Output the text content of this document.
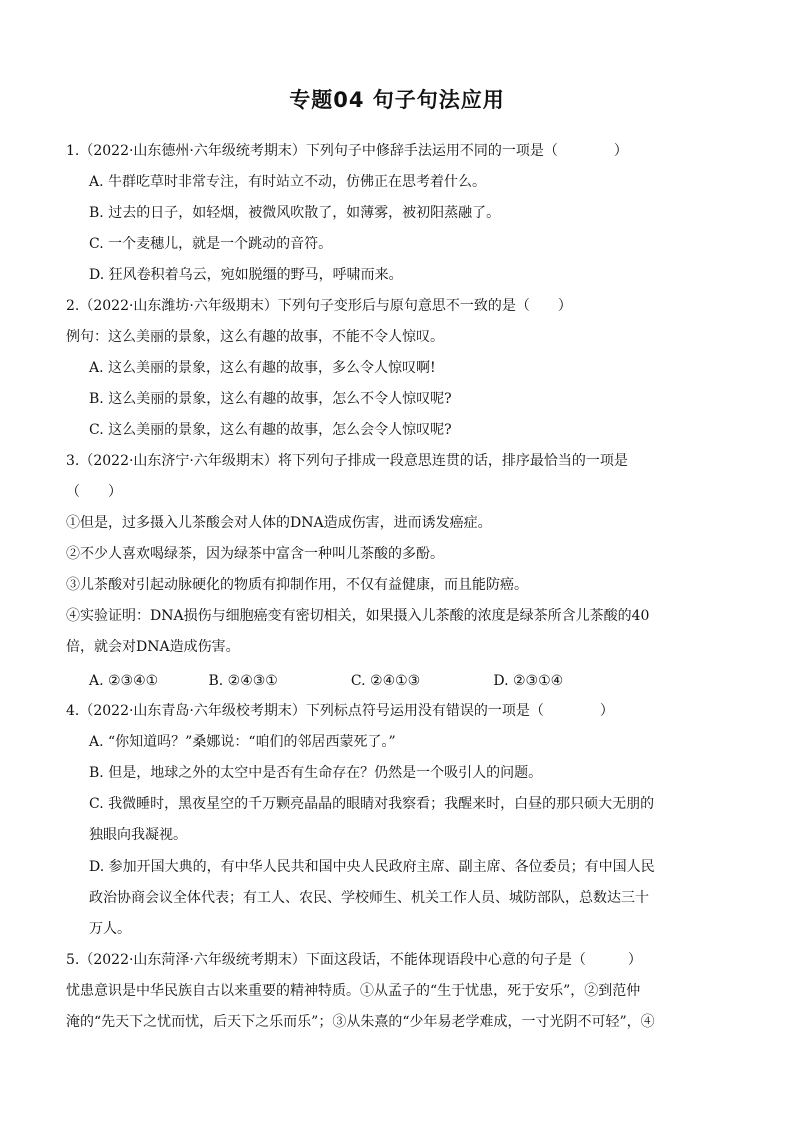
专题04 句子句法应用
1.（2022·山东德州·六年级统考期末）下列句子中修辞手法运用不同的一项是（　　　　）
A. 牛群吃草时非常专注，有时站立不动，仿佛正在思考着什么。
B. 过去的日子，如轻烟，被微风吹散了，如薄雾，被初阳蒸融了。
C. 一个麦穗儿，就是一个跳动的音符。
D. 狂风卷积着乌云，宛如脱缰的野马，呼啸而来。
2.（2022·山东潍坊·六年级期末）下列句子变形后与原句意思不一致的是（　　）
例句：这么美丽的景象，这么有趣的故事，不能不令人惊叹。
A. 这么美丽的景象，这么有趣的故事，多么令人惊叹啊!
B. 这么美丽的景象，这么有趣的故事，怎么不令人惊叹呢?
C. 这么美丽的景象，这么有趣的故事，怎么会令人惊叹呢?
3.（2022·山东济宁·六年级期末）将下列句子排成一段意思连贯的话，排序最恰当的一项是
（　　）
①但是，过多摄入儿茶酸会对人体的DNA造成伤害，进而诱发癌症。
②不少人喜欢喝绿茶，因为绿茶中富含一种叫儿茶酸的多酚。
③儿茶酸对引起动脉硬化的物质有抑制作用，不仅有益健康，而且能防癌。
④实验证明：DNA损伤与细胞癌变有密切相关，如果摄入儿茶酸的浓度是绿茶所含儿茶酸的40
倍，就会对DNA造成伤害。
A. ②③④①	B. ②④③①	C. ②④①③	D. ②③①④
4.（2022·山东青岛·六年级校考期末）下列标点符号运用没有错误的一项是（　　　　）
A. “你知道吗？”桑娜说：“咱们的邻居西蒙死了。”
B. 但是，地球之外的太空中是否有生命存在？仍然是一个吸引人的问题。
C. 我微睡时，黑夜星空的千万颗亮晶晶的眼睛对我察看；我醒来时，白昼的那只硕大无朋的
独眼向我凝视。
D. 参加开国大典的，有中华人民共和国中央人民政府主席、副主席、各位委员；有中国人民
政治协商会议全体代表；有工人、农民、学校师生、机关工作人员、城防部队，总数达三十
万人。
5.（2022·山东菏泽·六年级统考期末）下面这段话，不能体现语段中心意的句子是（　　　）
忧患意识是中华民族自古以来重要的精神特质。①从孟子的“生于忧患，死于安乐”，②到范仲
淹的“先天下之忧而忧，后天下之乐而乐”；③从朱熹的“少年易老学难成，一寸光阴不可轻”，④
